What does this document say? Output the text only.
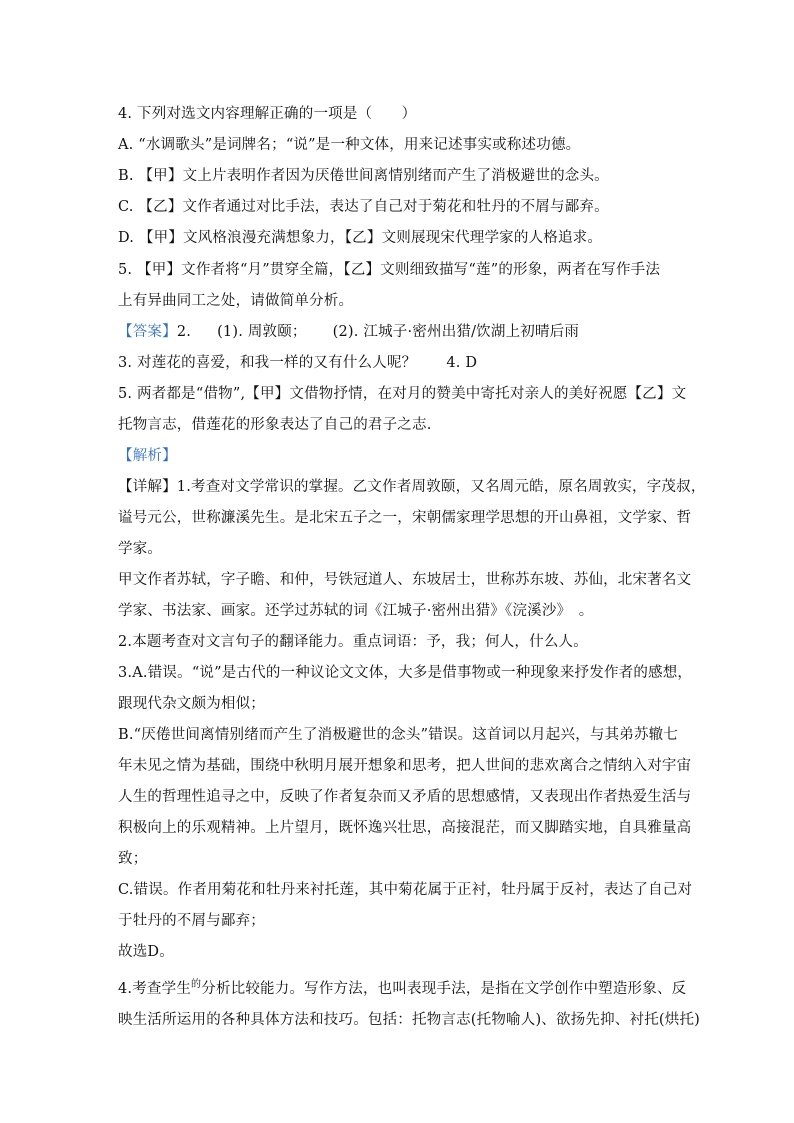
4. 下列对选文内容理解正确的一项是（　　）
A. “水调歌头”是词牌名；“说”是一种文体，用来记述事实或称述功德。
B. 【甲】文上片表明作者因为厌倦世间离情别绪而产生了消极避世的念头。
C. 【乙】文作者通过对比手法，表达了自己对于菊花和牡丹的不屑与鄙弃。
D. 【甲】文风格浪漫充满想象力，【乙】文则展现宋代理学家的人格追求。
5. 【甲】文作者将“月”贯穿全篇，【乙】文则细致描写“莲”的形象，两者在写作手法
上有异曲同工之处，请做简单分析。
【答案】2. (1). 周敦颐； (2). 江城子·密州出猎/饮湖上初晴后雨
3. 对莲花的喜爱，和我一样的又有什么人呢？ 4. D
5. 两者都是“借物”,【甲】文借物抒情，在对月的赞美中寄托对亲人的美好祝愿【乙】文
托物言志，借莲花的形象表达了自己的君子之志.
【解析】
【详解】1.考查对文学常识的掌握。乙文作者周敦颐，又名周元皓，原名周敦实，字茂叔，
谥号元公，世称濂溪先生。是北宋五子之一，宋朝儒家理学思想的开山鼻祖，文学家、哲
学家。
甲文作者苏轼，字子瞻、和仲，号铁冠道人、东坡居士，世称苏东坡、苏仙，北宋著名文
学家、书法家、画家。还学过苏轼的词《江城子·密州出猎》《浣溪沙》　。
2.本题考查对文言句子的翻译能力。重点词语：予，我；何人，什么人。
3.A.错误。“说”是古代的一种议论文文体，大多是借事物或一种现象来抒发作者的感想，
跟现代杂文颇为相似；
B.“厌倦世间离情别绪而产生了消极避世的念头”错误。这首词以月起兴，与其弟苏辙七
年未见之情为基础，围绕中秋明月展开想象和思考，把人世间的悲欢离合之情纳入对宇宙
人生的哲理性追寻之中，反映了作者复杂而又矛盾的思想感情，又表现出作者热爱生活与
积极向上的乐观精神。上片望月，既怀逸兴壮思，高接混茫，而又脚踏实地，自具雅量高
致；
C.错误。作者用菊花和牡丹来衬托莲，其中菊花属于正衬，牡丹属于反衬，表达了自己对
于牡丹的不屑与鄙弃；
故选D。
4.考查学生$^的$分析比较能力。写作方法，也叫表现手法，是指在文学创作中塑造形象、反
映生活所运用的各种具体方法和技巧。包括：托物言志(托物喻人)、欲扬先抑、衬托(烘托)
